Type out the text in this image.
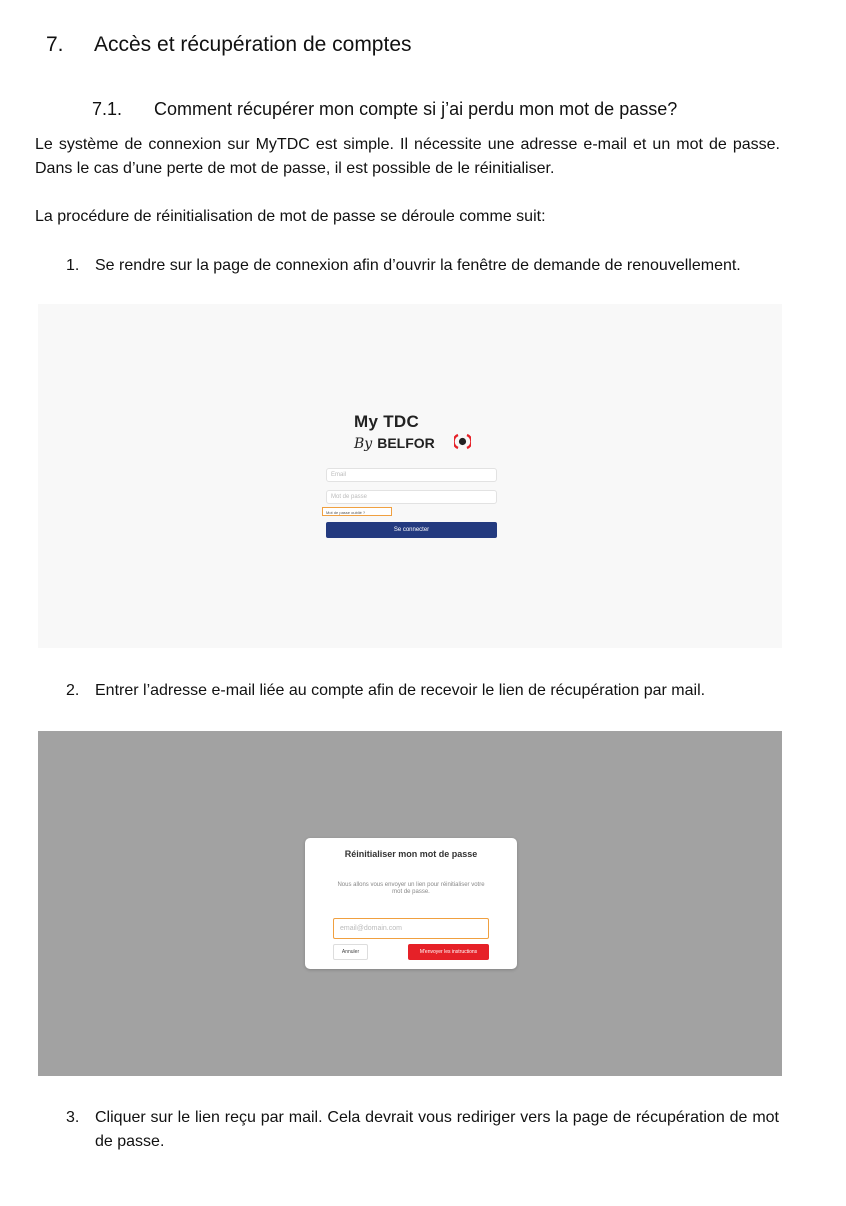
7. Accès et récupération de comptes
7.1. Comment récupérer mon compte si j’ai perdu mon mot de passe?
Le système de connexion sur MyTDC est simple. Il nécessite une adresse e-mail et un mot de passe. Dans le cas d’une perte de mot de passe, il est possible de le réinitialiser.
La procédure de réinitialisation de mot de passe se déroule comme suit:
1. Se rendre sur la page de connexion afin d’ouvrir la fenêtre de demande de renouvellement.
My TDC
By BELFOR
Email
Mot de passe
Mot de passe oublié ?
Se connecter
2. Entrer l’adresse e-mail liée au compte afin de recevoir le lien de récupération par mail.
Réinitialiser mon mot de passe
Nous allons vous envoyer un lien pour réinitialiser votre mot de passe.
email@domain.com
Annuler	M'envoyer les instructions
3. Cliquer sur le lien reçu par mail. Cela devrait vous rediriger vers la page de récupération de mot de passe.
